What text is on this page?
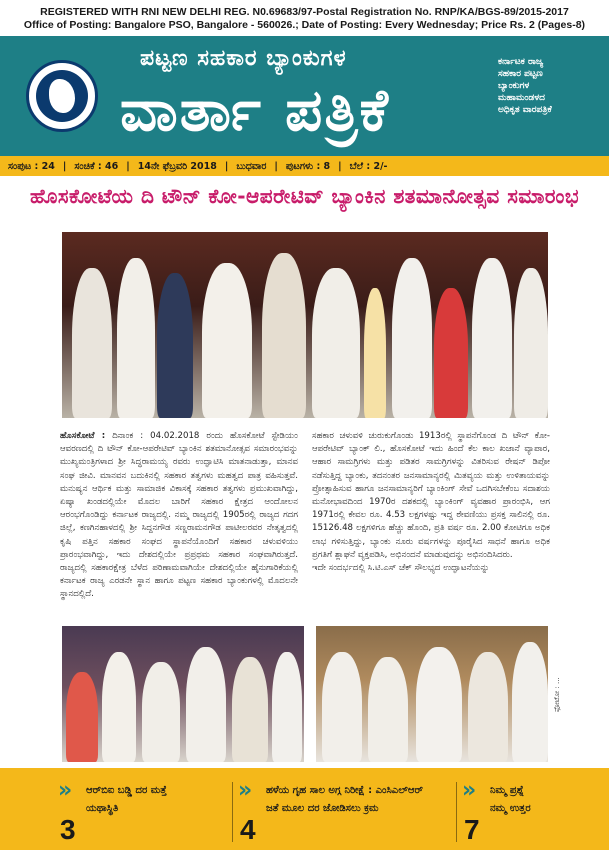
REGISTERED WITH RNI NEW DELHI REG. N0.69683/97-Postal Registration No. RNP/KA/BGS-89/2015-2017
Office of Posting: Bangalore PSO, Bangalore - 560026.; Date of Posting: Every Wednesday; Price Rs. 2 (Pages-8)
ಪಟ್ಟಣ ಸಹಕಾರ ಬ್ಯಾಂಕುಗಳ
ವಾರ್ತಾ ಪತ್ರಿಕೆ
ಕರ್ನಾಟಕ ರಾಜ್ಯ
ಸಹಕಾರ ಪಟ್ಟಣ
ಬ್ಯಾಂಕುಗಳ
ಮಹಾಮಂಡಳದ
ಅಧಿಕೃತ ವಾರಪತ್ರಿಕೆ
ಸಂಪುಟ : 24 | ಸಂಚಿಕೆ : 46 | 14ನೇ ಫೆಬ್ರವರಿ 2018 | ಬುಧವಾರ | ಪುಟಗಳು : 8 | ಬೆಲೆ : 2/-
ಹೊಸಕೋಟೆಯ ದಿ ಟೌನ್ ಕೋ-ಆಪರೇಟಿವ್ ಬ್ಯಾಂಕಿನ ಶತಮಾನೋತ್ಸವ ಸಮಾರಂಭ
ಹೊಸಕೋಟೆ : ದಿನಾಂಕ : 04.02.2018 ರಂದು ಹೊಸಕೋಟೆ ಸ್ಟೇಡಿಯಂ ಆವರಣದಲ್ಲಿ ದಿ ಟೌನ್ ಕೋ-ಆಪರೇಟಿವ್ ಬ್ಯಾಂಕಿನ ಶತಮಾನೋತ್ಸವ ಸಮಾರಂಭವನ್ನು ಮುಖ್ಯಮಂತ್ರಿಗಳಾದ ಶ್ರೀ ಸಿದ್ಧರಾಮಯ್ಯ ರವರು ಉದ್ಘಾಟಿಸಿ ಮಾತನಾಡುತ್ತಾ, ಮಾನವ ಸಂಘ ಜೀವಿ. ಮಾನವನ ಬದುಕಿನಲ್ಲಿ ಸಹಕಾರ ತತ್ವಗಳು ಮಹತ್ವದ ಪಾತ್ರ ವಹಿಸುತ್ತವೆ. ಮನುಷ್ಯನ ಆರ್ಥಿಕ ಮತ್ತು ಸಾಮಾಜಿಕ ವಿಕಾಸಕ್ಕೆ ಸಹಕಾರ ತತ್ವಗಳು ಪ್ರಮುಖವಾಗಿದ್ದು, ಏಷ್ಯಾ ಖಂಡದಲ್ಲಿಯೇ ಮೊದಲ ಬಾರಿಗೆ ಸಹಕಾರ ಕ್ಷೇತ್ರದ ಆಂದೋಲನ ಆರಂಭಗೊಂಡಿದ್ದು ಕರ್ನಾಟಕ ರಾಜ್ಯದಲ್ಲಿ. ನಮ್ಮ ರಾಜ್ಯದಲ್ಲಿ 1905ರಲ್ಲಿ ರಾಜ್ಯದ ಗದಗ ಜಿಲ್ಲೆ, ಕಣಗಿನಹಾಳದಲ್ಲಿ ಶ್ರೀ ಸಿದ್ದನಗೌಡ ಸಣ್ಣರಾಮನಗೌಡ ಪಾಟೀಲರವರ ನೇತೃತ್ವದಲ್ಲಿ ಕೃಷಿ ಪತ್ತಿನ ಸಹಕಾರ ಸಂಘದ ಸ್ಥಾಪನೆಯೊಂದಿಗೆ ಸಹಕಾರ ಚಳುವಳಿಯು ಪ್ರಾರಂಭವಾಗಿದ್ದು, ಇದು ದೇಶದಲ್ಲಿಯೇ ಪ್ರಪ್ರಥಮ ಸಹಕಾರ ಸಂಘವಾಗಿರುತ್ತದೆ. ರಾಜ್ಯದಲ್ಲಿ ಸಹಕಾರಕ್ಷೇತ್ರ ಬೆಳೆದ ಪರಿಣಾಮವಾಗಿಯೇ ದೇಶದಲ್ಲಿಯೇ ಹೈನುಗಾರಿಕೆಯಲ್ಲಿ ಕರ್ನಾಟಕ ರಾಜ್ಯ ಎರಡನೇ ಸ್ಥಾನ ಹಾಗೂ ಪಟ್ಟಣ ಸಹಕಾರ ಬ್ಯಾಂಕುಗಳಲ್ಲಿ ಮೊದಲನೇ ಸ್ಥಾನದಲ್ಲಿದೆ.
ಸಹಕಾರ ಚಳುವಳಿ ಚುರುಕುಗೊಂಡು 1913ರಲ್ಲಿ ಸ್ಥಾಪನೆಗೊಂಡ ದಿ ಟೌನ್ ಕೋ-ಆಪರೇಟಿವ್ ಬ್ಯಾಂಕ್ ಲಿ., ಹೊಸಕೋಟೆ ಇದು ಹಿಂದೆ ಕೆಲ ಕಾಲ ಖಜಾನೆ ವ್ಯಾಪಾರ, ಆಹಾರ ಸಾಮಗ್ರಿಗಳು ಮತ್ತು ಪಡಿತರ ಸಾಮಗ್ರಿಗಳನ್ನು ವಿತರಿಸುವ ರೇಷನ್ ಡಿಪೋ ನಡೆಸುತ್ತಿದ್ದ ಬ್ಯಾಂಕು, ತದನಂತರ ಜನಸಾಮಾನ್ಯರಲ್ಲಿ ಮಿತವ್ಯಯ ಮತ್ತು ಉಳಿತಾಯವನ್ನು ಪ್ರೋತ್ಸಾಹಿಸುವ ಹಾಗೂ ಜನಸಾಮಾನ್ಯರಿಗೆ ಬ್ಯಾಂಕಿಂಗ್ ಸೇವೆ ಒದಗಿಸಬೇಕೆಂಬ ಸದಾಶಯ ಮನೋಭಾವದಿಂದ 1970ರ ದಶಕದಲ್ಲಿ ಬ್ಯಾಂಕಿಂಗ್ ವ್ಯವಹಾರ ಪ್ರಾರಂಭಿಸಿ, ಆಗ 1971ರಲ್ಲಿ ಕೇವಲ ರೂ. 4.53 ಲಕ್ಷಗಳಷ್ಟು ಇದ್ದ ಠೇವಣಿಯು ಪ್ರಸಕ್ತ ಸಾಲಿನಲ್ಲಿ ರೂ. 15126.48 ಲಕ್ಷಗಳಿಗೂ ಹೆಚ್ಚು ಹೊಂದಿ, ಪ್ರತಿ ವರ್ಷ ರೂ. 2.00 ಕೋಟಿಗೂ ಅಧಿಕ ಲಾಭ ಗಳಿಸುತ್ತಿದ್ದು, ಬ್ಯಾಂಕು ನೂರು ವರ್ಷಗಳನ್ನು ಪೂರೈಸಿದ ಸಾಧನೆ ಹಾಗೂ ಅಧಿಕ ಪ್ರಗತಿಗೆ ಶ್ಲಾಘನೆ ವ್ಯಕ್ತಪಡಿಸಿ, ಅಭಿನಂದನೆ ಮಾಡುವುದನ್ನು ಅಭಿನಂದಿಸಿದರು.
ಇದೇ ಸಂದರ್ಭದಲ್ಲಿ ಸಿ.ಟಿ.ಎಸ್ ಚೆಕ್ ಸೌಲಭ್ಯದ ಉದ್ಘಾಟನೆಯನ್ನು
ಫೋಟೋ : ...
»	ಆರ್‌ಬಿಐ ಬಡ್ಡಿ ದರ ಮತ್ತೆ
ಯಥಾಸ್ಥಿತಿ
3
»	ಹಳೆಯ ಗೃಹ ಸಾಲ ಅಗ್ಗ ನಿರೀಕ್ಷೆ : ಎಂಸಿಎಲ್‌ಆರ್
ಜತೆ ಮೂಲ ದರ ಜೋಡಿಸಲು ಕ್ರಮ
4
»	ನಿಮ್ಮ ಪ್ರಶ್ನೆ
ನಮ್ಮ ಉತ್ತರ
7
